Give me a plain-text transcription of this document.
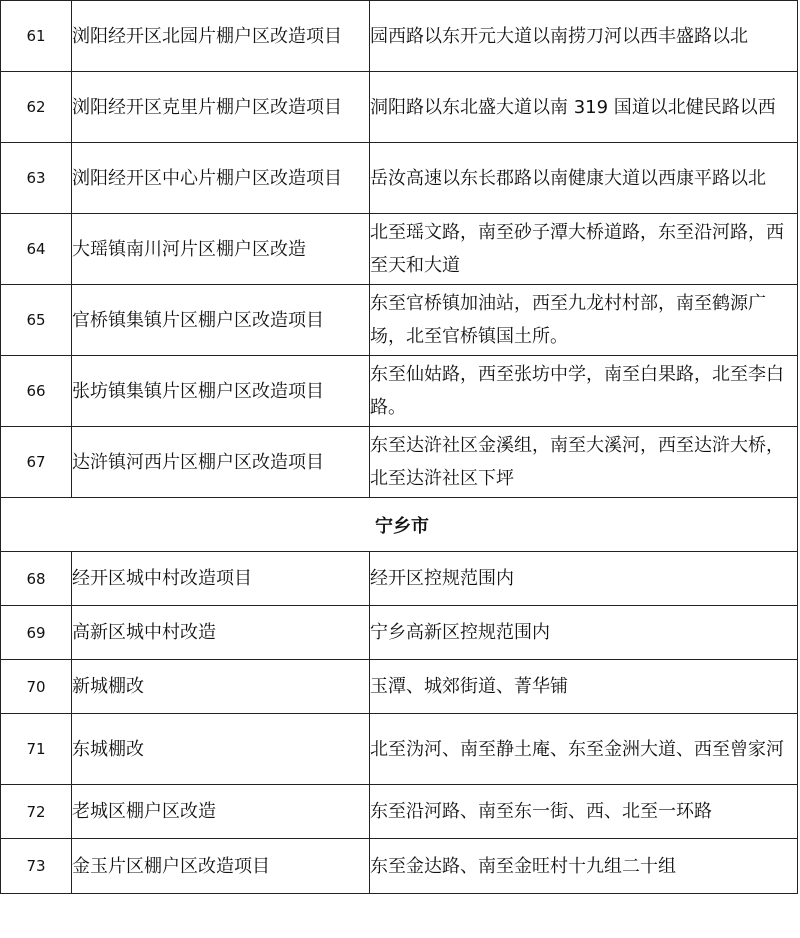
61	浏阳经开区北园片棚户区改造项目	园西路以东开元大道以南捞刀河以西丰盛路以北
62	浏阳经开区克里片棚户区改造项目	洞阳路以东北盛大道以南 319 国道以北健民路以西
63	浏阳经开区中心片棚户区改造项目	岳汝高速以东长郡路以南健康大道以西康平路以北
64	大瑶镇南川河片区棚户区改造	北至瑶文路，南至砂子潭大桥道路，东至沿河路，西至天和大道
65	官桥镇集镇片区棚户区改造项目	东至官桥镇加油站，西至九龙村村部，南至鹤源广场，北至官桥镇国土所。
66	张坊镇集镇片区棚户区改造项目	东至仙姑路，西至张坊中学，南至白果路，北至李白路。
67	达浒镇河西片区棚户区改造项目	东至达浒社区金溪组，南至大溪河，西至达浒大桥，北至达浒社区下坪
宁乡市		
68	经开区城中村改造项目	经开区控规范围内
69	高新区城中村改造	宁乡高新区控规范围内
70	新城棚改	玉潭、城郊街道、菁华铺
71	东城棚改	北至沩河、南至静土庵、东至金洲大道、西至曾家河
72	老城区棚户区改造	东至沿河路、南至东一街、西、北至一环路
73	金玉片区棚户区改造项目	东至金达路、南至金旺村十九组二十组
